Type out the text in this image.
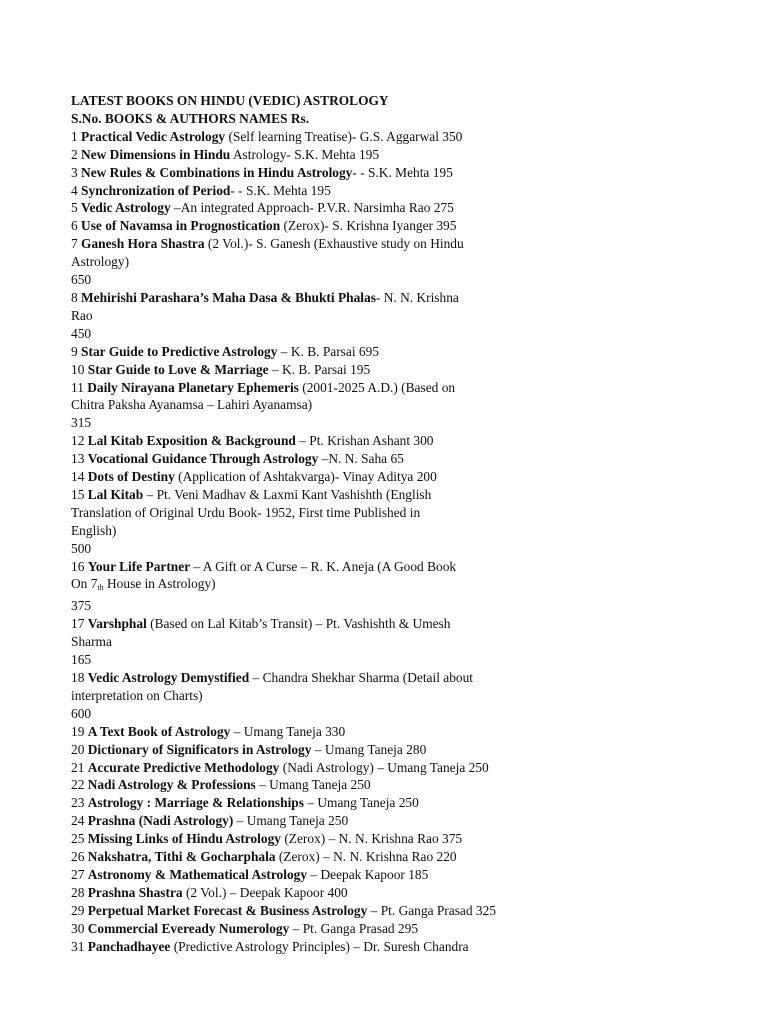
LATEST BOOKS ON HINDU (VEDIC) ASTROLOGY
S.No. BOOKS & AUTHORS NAMES Rs.
1 Practical Vedic Astrology (Self learning Treatise)- G.S. Aggarwal 350
2 New Dimensions in Hindu Astrology- S.K. Mehta 195
3 New Rules & Combinations in Hindu Astrology- - S.K. Mehta 195
4 Synchronization of Period- - S.K. Mehta 195
5 Vedic Astrology –An integrated Approach- P.V.R. Narsimha Rao 275
6 Use of Navamsa in Prognostication (Zerox)- S. Krishna Iyanger 395
7 Ganesh Hora Shastra (2 Vol.)- S. Ganesh (Exhaustive study on Hindu
Astrology)
650
8 Mehirishi Parashara’s Maha Dasa & Bhukti Phalas- N. N. Krishna
Rao
450
9 Star Guide to Predictive Astrology – K. B. Parsai 695
10 Star Guide to Love & Marriage – K. B. Parsai 195
11 Daily Nirayana Planetary Ephemeris (2001-2025 A.D.) (Based on
Chitra Paksha Ayanamsa – Lahiri Ayanamsa)
315
12 Lal Kitab Exposition & Background – Pt. Krishan Ashant 300
13 Vocational Guidance Through Astrology –N. N. Saha 65
14 Dots of Destiny (Application of Ashtakvarga)- Vinay Aditya 200
15 Lal Kitab – Pt. Veni Madhav & Laxmi Kant Vashishth (English
Translation of Original Urdu Book- 1952, First time Published in
English)
500
16 Your Life Partner – A Gift or A Curse – R. K. Aneja (A Good Book
On $7_{th}$ House in Astrology)
375
17 Varshphal (Based on Lal Kitab’s Transit) – Pt. Vashishth & Umesh
Sharma
165
18 Vedic Astrology Demystified – Chandra Shekhar Sharma (Detail about
interpretation on Charts)
600
19 A Text Book of Astrology – Umang Taneja 330
20 Dictionary of Significators in Astrology – Umang Taneja 280
21 Accurate Predictive Methodology (Nadi Astrology) – Umang Taneja 250
22 Nadi Astrology & Professions – Umang Taneja 250
23 Astrology : Marriage & Relationships – Umang Taneja 250
24 Prashna (Nadi Astrology) – Umang Taneja 250
25 Missing Links of Hindu Astrology (Zerox) – N. N. Krishna Rao 375
26 Nakshatra, Tithi & Gocharphala (Zerox) – N. N. Krishna Rao 220
27 Astronomy & Mathematical Astrology – Deepak Kapoor 185
28 Prashna Shastra (2 Vol.) – Deepak Kapoor 400
29 Perpetual Market Forecast & Business Astrology – Pt. Ganga Prasad 325
30 Commercial Eveready Numerology – Pt. Ganga Prasad 295
31 Panchadhayee (Predictive Astrology Principles) – Dr. Suresh Chandra
